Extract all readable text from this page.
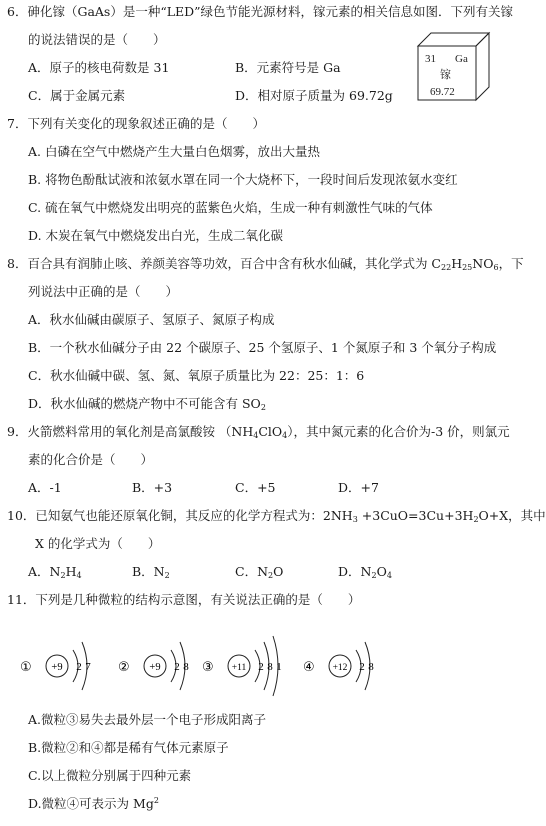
6．砷化镓（GaAs）是一种“LED”绿色节能光源材料，镓元素的相关信息如图．下列有关镓
的说法错误的是（　　）
A．原子的核电荷数是 31	B．元素符号是 Ga
C．属于金属元素	D．相对原子质量为 69.72g
31 Ga
镓
69.72
7．下列有关变化的现象叙述正确的是（　　）
A. 白磷在空气中燃烧产生大量白色烟雾，放出大量热
B. 将物色酚酞试液和浓氨水罩在同一个大烧杯下，一段时间后发现浓氨水变红
C. 硫在氧气中燃烧发出明亮的蓝紫色火焰，生成一种有刺激性气味的气体
D. 木炭在氧气中燃烧发出白光，生成二氧化碳
8．百合具有润肺止咳、养颜美容等功效，百合中含有秋水仙碱，其化学式为 $C_{22}H_{25}NO_6$，下
列说法中正确的是（　　）
A．秋水仙碱由碳原子、氢原子、氮原子构成
B．一个秋水仙碱分子由 22 个碳原子、25 个氢原子、1 个氮原子和 3 个氧分子构成
C．秋水仙碱中碳、氢、氮、氧原子质量比为 22：25：1：6
D．秋水仙碱的燃烧产物中不可能含有 $SO_2$
9．火箭燃料常用的氧化剂是高氯酸铵 $(NH_4ClO_4)$，其中氮元素的化合价为-3 价，则氯元
素的化合价是（　　）
A．-1	B．+3	C．+5	D．+7
10．已知氨气也能还原氧化铜，其反应的化学方程式为：$2NH_3 +3CuO=3Cu+3H_2O+X$，其中
X 的化学式为（　　）
A．$N_2H_4$	B．$N_2$	C．$N_2O$	D．$N_2O_4$
11．下列是几种微粒的结构示意图，有关说法正确的是（　　）
① +9 2 7 ② +9 2 8 ③ +11 2 8 1 ④ +12 2 8
A.微粒③易失去最外层一个电子形成阳离子
B.微粒②和④都是稀有气体元素原子
C.以上微粒分别属于四种元素
D.微粒④可表示为 Mg$^2$
